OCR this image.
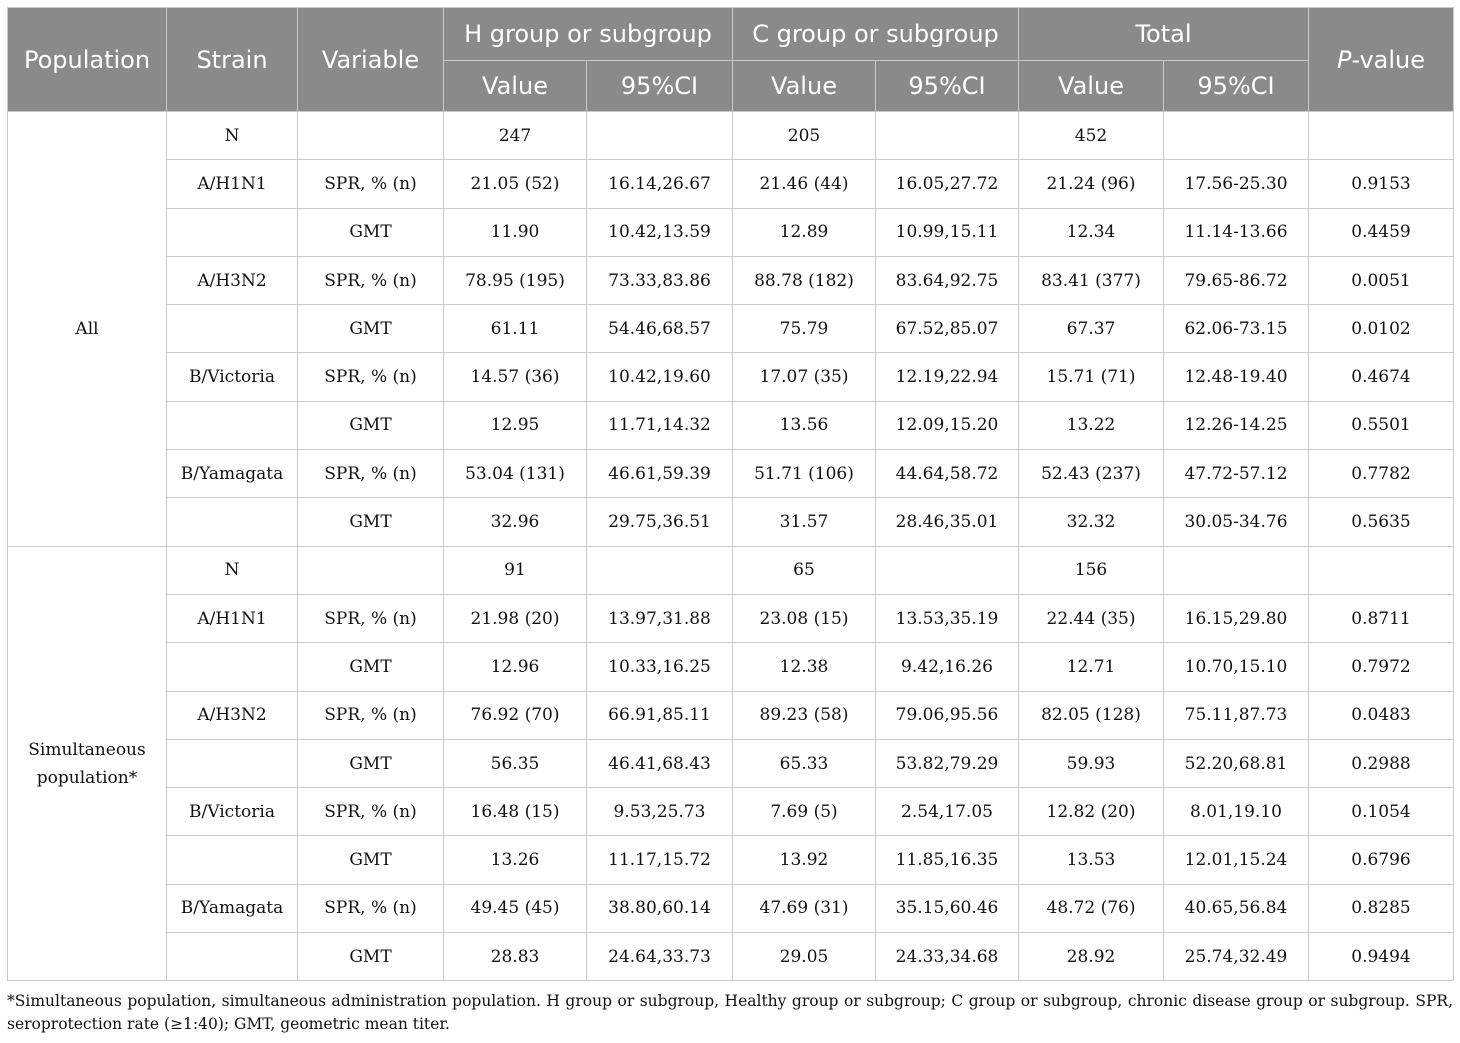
Population	Strain	Variable	H group or subgroup		C group or subgroup		Total		P-value
			Value	95%CI	Value	95%CI	Value	95%CI	
All	N		247		205		452		
	A/H1N1	SPR, % (n)	21.05 (52)	16.14,26.67	21.46 (44)	16.05,27.72	21.24 (96)	17.56-25.30	0.9153
		GMT	11.90	10.42,13.59	12.89	10.99,15.11	12.34	11.14-13.66	0.4459
	A/H3N2	SPR, % (n)	78.95 (195)	73.33,83.86	88.78 (182)	83.64,92.75	83.41 (377)	79.65-86.72	0.0051
		GMT	61.11	54.46,68.57	75.79	67.52,85.07	67.37	62.06-73.15	0.0102
	B/Victoria	SPR, % (n)	14.57 (36)	10.42,19.60	17.07 (35)	12.19,22.94	15.71 (71)	12.48-19.40	0.4674
		GMT	12.95	11.71,14.32	13.56	12.09,15.20	13.22	12.26-14.25	0.5501
	B/Yamagata	SPR, % (n)	53.04 (131)	46.61,59.39	51.71 (106)	44.64,58.72	52.43 (237)	47.72-57.12	0.7782
		GMT	32.96	29.75,36.51	31.57	28.46,35.01	32.32	30.05-34.76	0.5635
Simultaneous
population*	N		91		65		156		
	A/H1N1	SPR, % (n)	21.98 (20)	13.97,31.88	23.08 (15)	13.53,35.19	22.44 (35)	16.15,29.80	0.8711
		GMT	12.96	10.33,16.25	12.38	9.42,16.26	12.71	10.70,15.10	0.7972
	A/H3N2	SPR, % (n)	76.92 (70)	66.91,85.11	89.23 (58)	79.06,95.56	82.05 (128)	75.11,87.73	0.0483
		GMT	56.35	46.41,68.43	65.33	53.82,79.29	59.93	52.20,68.81	0.2988
	B/Victoria	SPR, % (n)	16.48 (15)	9.53,25.73	7.69 (5)	2.54,17.05	12.82 (20)	8.01,19.10	0.1054
		GMT	13.26	11.17,15.72	13.92	11.85,16.35	13.53	12.01,15.24	0.6796
	B/Yamagata	SPR, % (n)	49.45 (45)	38.80,60.14	47.69 (31)	35.15,60.46	48.72 (76)	40.65,56.84	0.8285
		GMT	28.83	24.64,33.73	29.05	24.33,34.68	28.92	25.74,32.49	0.9494
*Simultaneous population, simultaneous administration population. H group or subgroup, Healthy group or subgroup; C group or subgroup, chronic disease group or subgroup. SPR, seroprotection rate (≥1:40); GMT, geometric mean titer.
